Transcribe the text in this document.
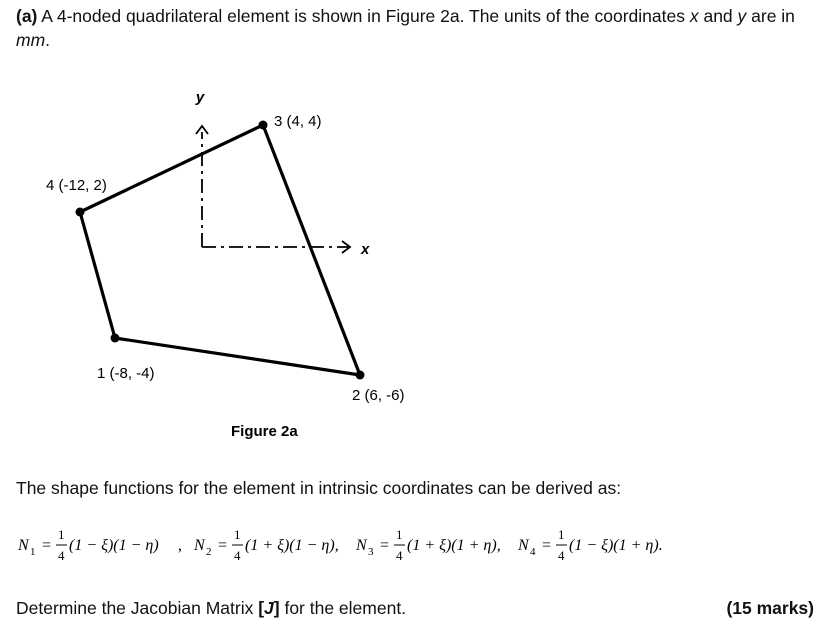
(a) A 4-noded quadrilateral element is shown in Figure 2a. The units of the coordinates x and y are in
mm.
y
x
3 (4, 4)
4 (-12, 2)
1 (-8, -4)
2 (6, -6)
Figure 2a
The shape functions for the element in intrinsic coordinates can be derived as:
N 1 =
1
4
(1 − ξ)(1 − η) , N 2 =
1
4
(1 + ξ)(1 − η), N 3 =
1
4
(1 + ξ)(1 + η), N 4 =
1
4
(1 − ξ)(1 + η).
Determine the Jacobian Matrix [J] for the element.	(15 marks)
